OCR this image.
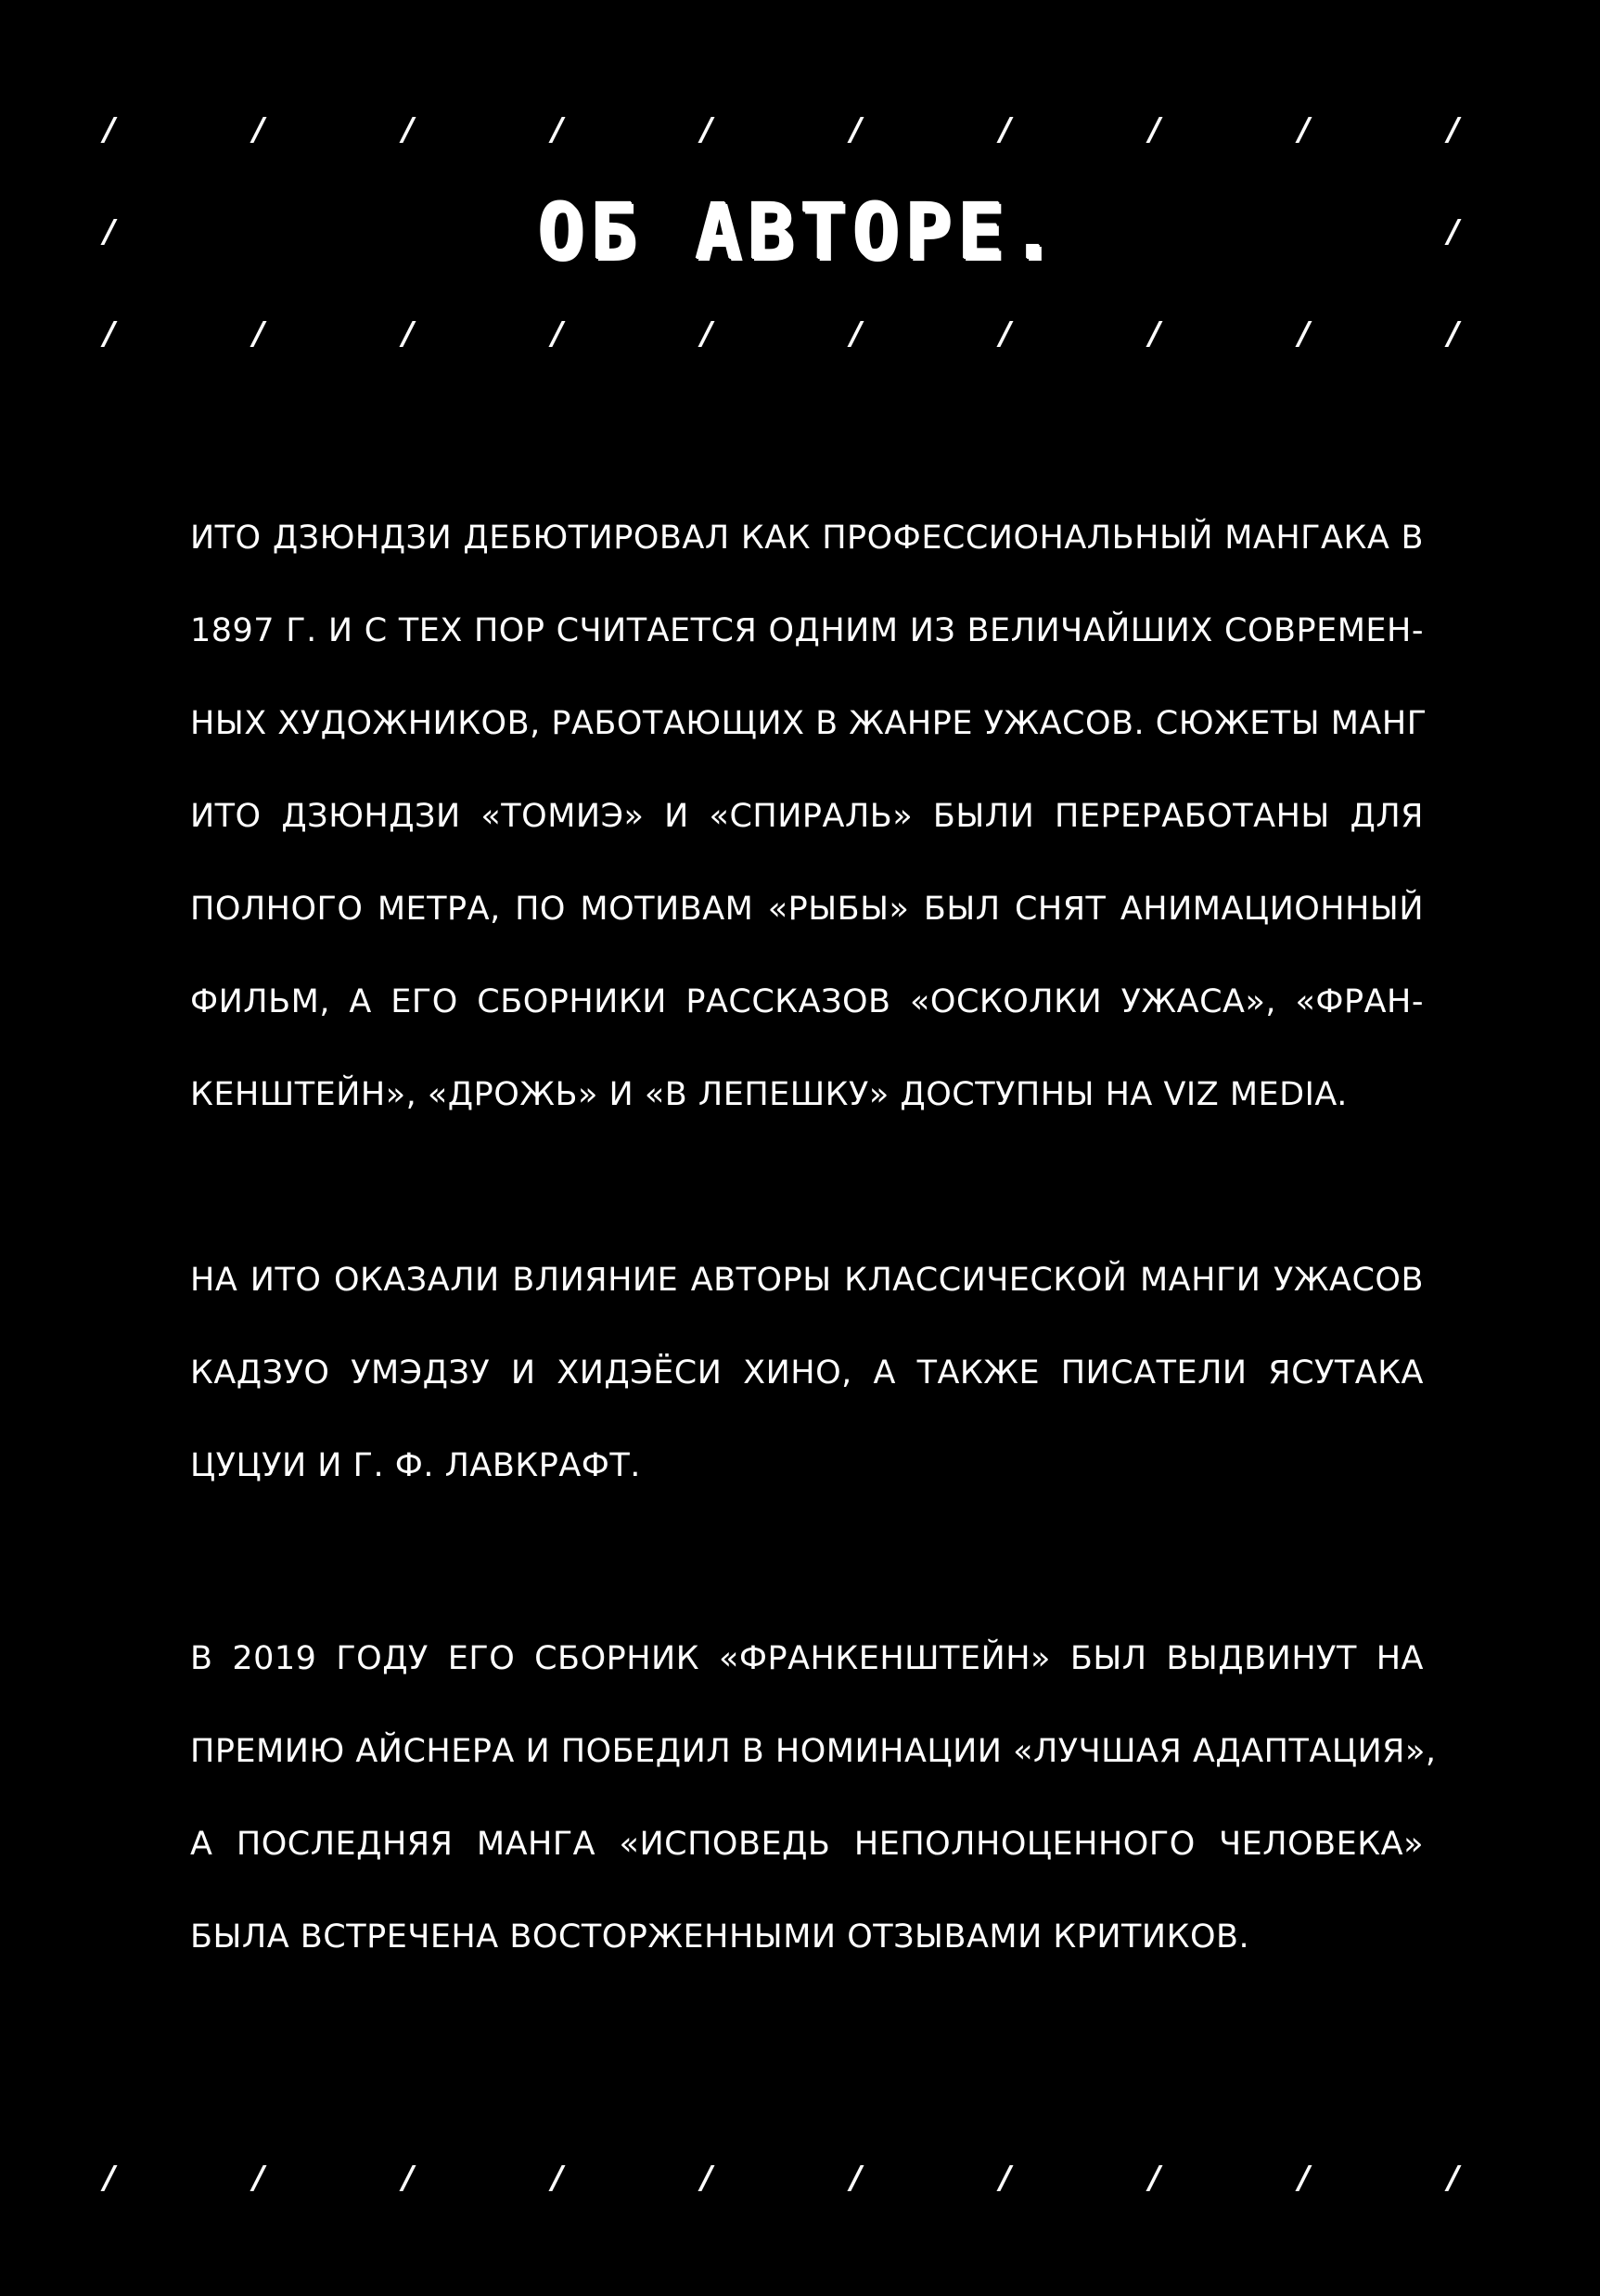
/	/	/	/	/	/	/	/	/	/
/	/
/	/	/	/	/	/	/	/	/	/
ОБ АВТОРЕ.
ИТО ДЗЮНДЗИ ДЕБЮТИРОВАЛ КАК ПРОФЕССИОНАЛЬНЫЙ МАНГАКА В
1897 Г. И С ТЕХ ПОР СЧИТАЕТСЯ ОДНИМ ИЗ ВЕЛИЧАЙШИХ СОВРЕМЕН-
НЫХ ХУДОЖНИКОВ, РАБОТАЮЩИХ В ЖАНРЕ УЖАСОВ. СЮЖЕТЫ МАНГ
ИТО ДЗЮНДЗИ «ТОМИЭ» И «СПИРАЛЬ» БЫЛИ ПЕРЕРАБОТАНЫ ДЛЯ
ПОЛНОГО МЕТРА, ПО МОТИВАМ «РЫБЫ» БЫЛ СНЯТ АНИМАЦИОННЫЙ
ФИЛЬМ, А ЕГО СБОРНИКИ РАССКАЗОВ «ОСКОЛКИ УЖАСА», «ФРАН-
КЕНШТЕЙН», «ДРОЖЬ» И «В ЛЕПЕШКУ» ДОСТУПНЫ НА VIZ MEDIA.
НА ИТО ОКАЗАЛИ ВЛИЯНИЕ АВТОРЫ КЛАССИЧЕСКОЙ МАНГИ УЖАСОВ
КАДЗУО УМЭДЗУ И ХИДЭЁСИ ХИНО, А ТАКЖЕ ПИСАТЕЛИ ЯСУТАКА
ЦУЦУИ И Г. Ф. ЛАВКРАФТ.
В 2019 ГОДУ ЕГО СБОРНИК «ФРАНКЕНШТЕЙН» БЫЛ ВЫДВИНУТ НА
ПРЕМИЮ АЙСНЕРА И ПОБЕДИЛ В НОМИНАЦИИ «ЛУЧШАЯ АДАПТАЦИЯ»,
А ПОСЛЕДНЯЯ МАНГА «ИСПОВЕДЬ НЕПОЛНОЦЕННОГО ЧЕЛОВЕКА»
БЫЛА ВСТРЕЧЕНА ВОСТОРЖЕННЫМИ ОТЗЫВАМИ КРИТИКОВ.
/	/	/	/	/	/	/	/	/	/
